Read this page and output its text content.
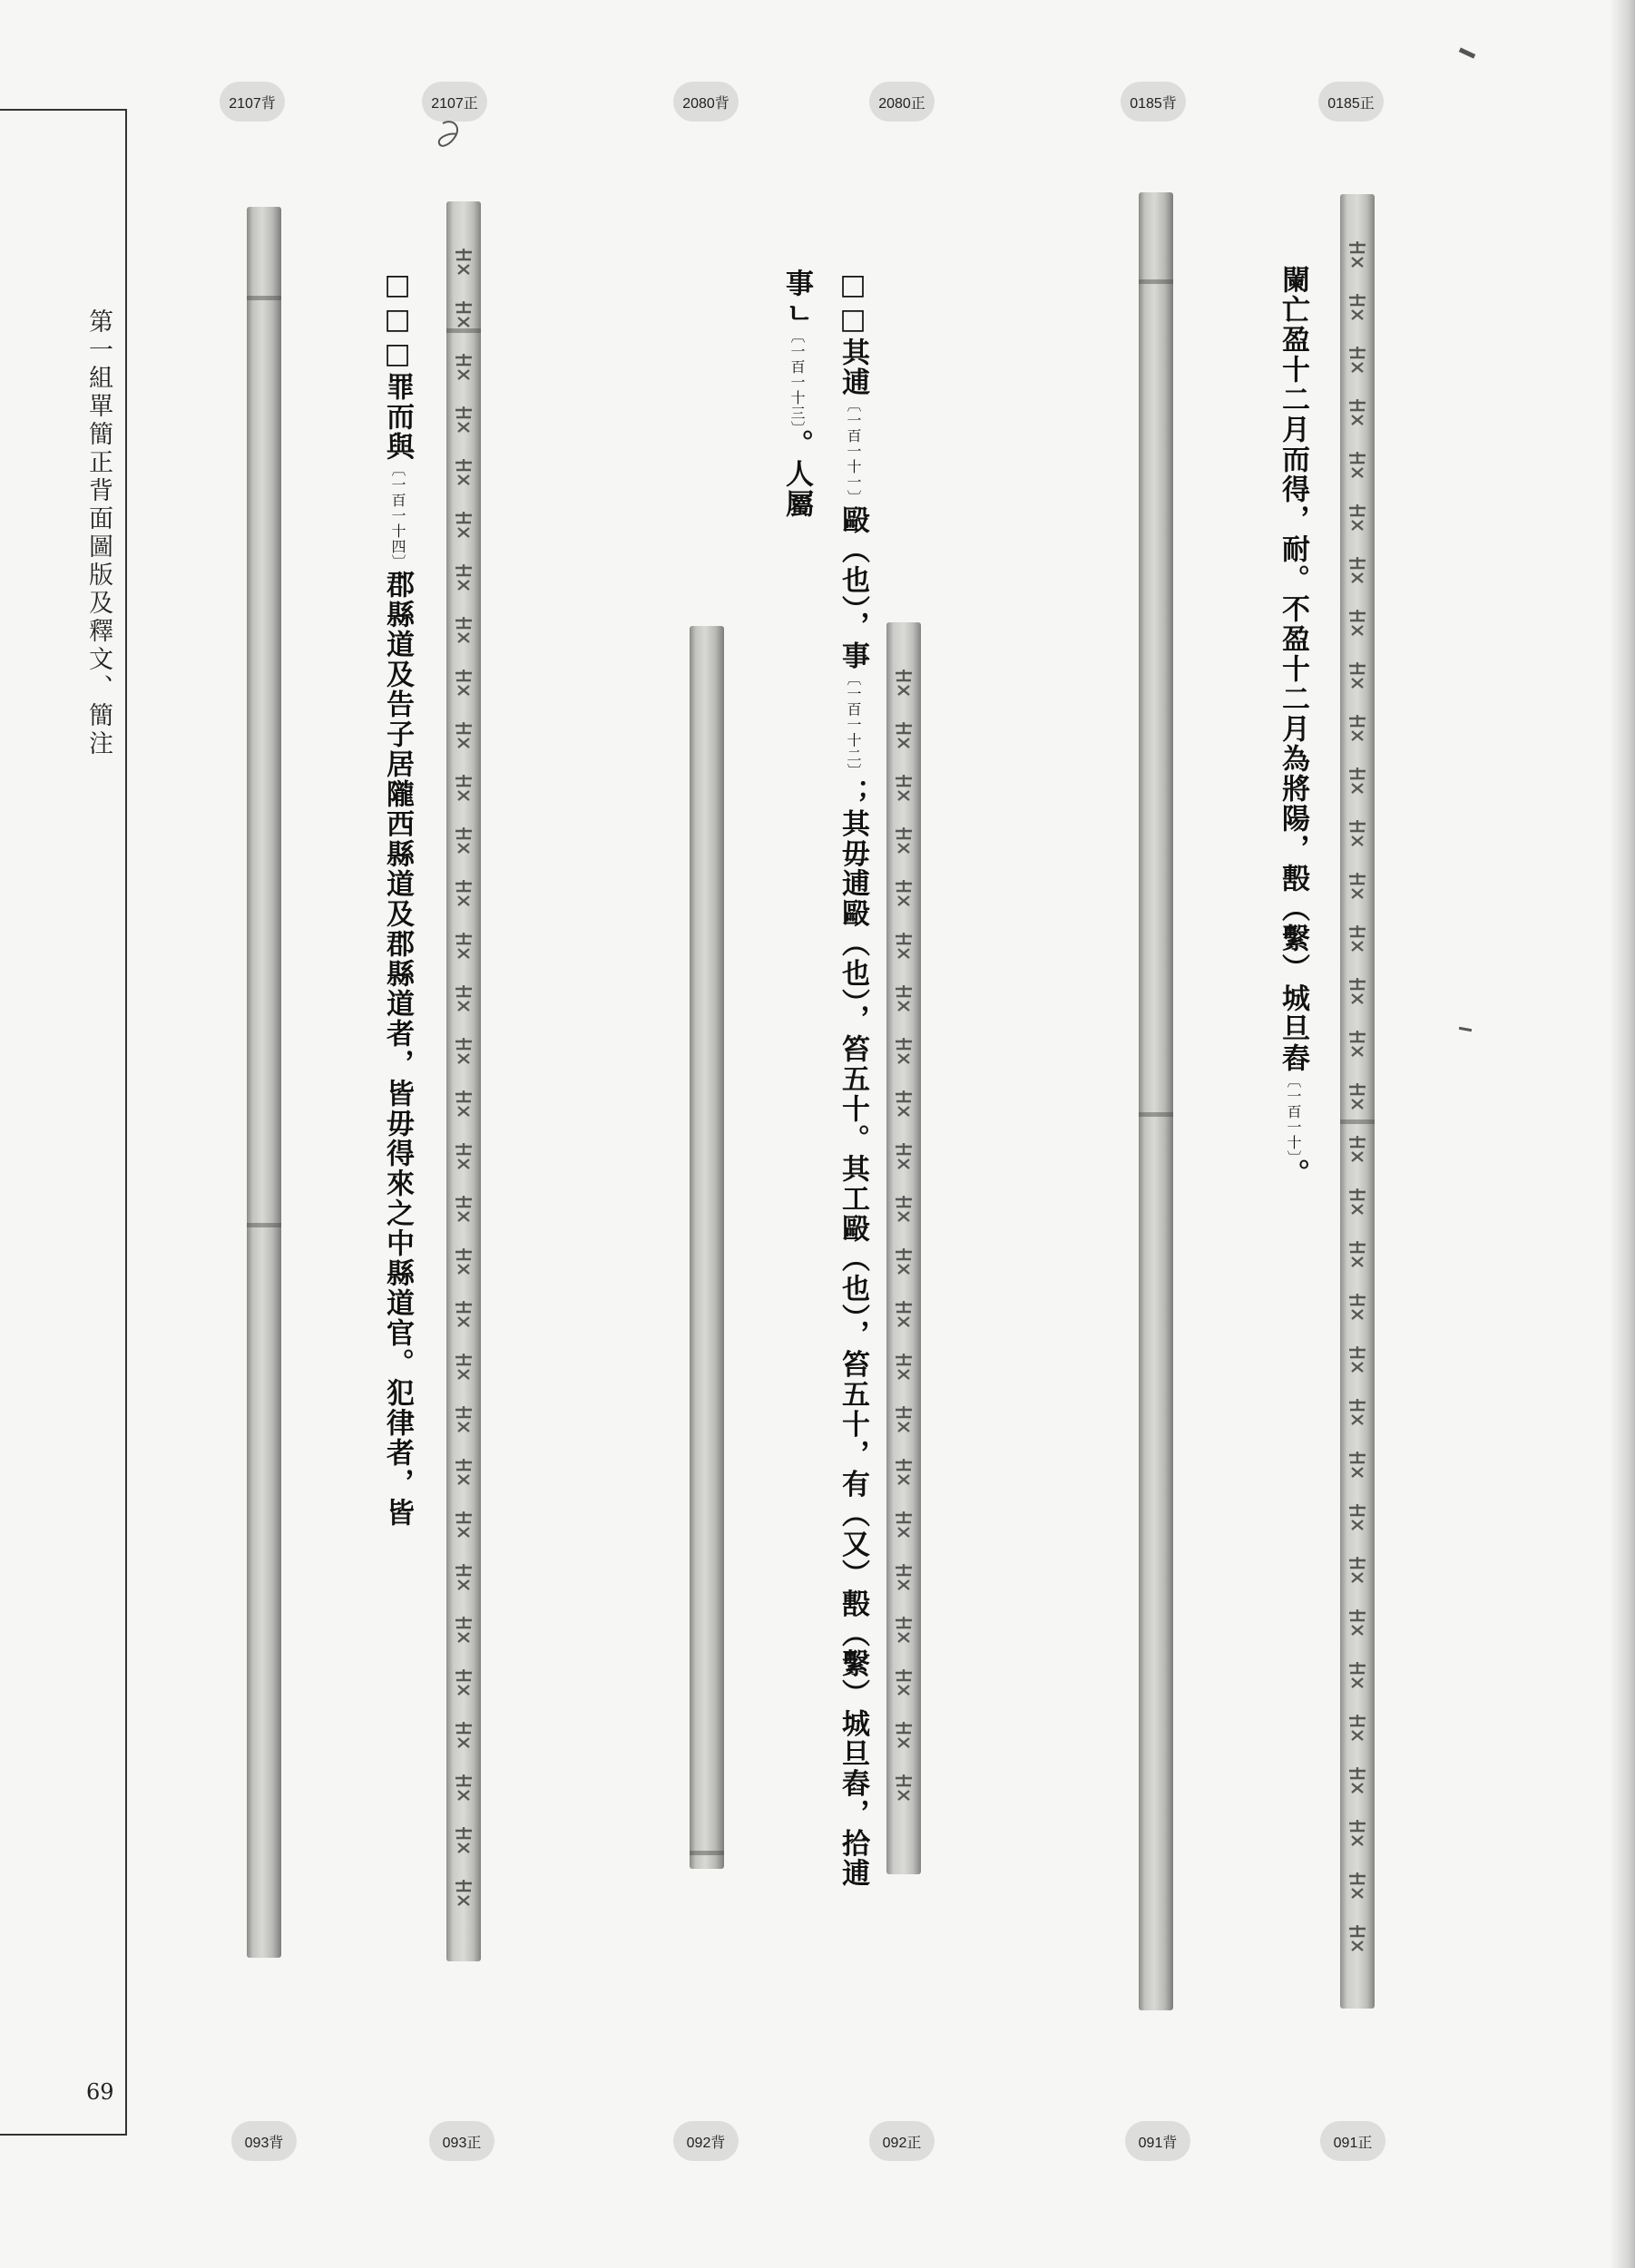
第一組單簡正背面圖版及釋文、簡注
69
2107背	2107正	2080背	2080正	0185背	0185正
闌亡盈十二月而得，耐。不盈十二月為將陽，毄（繫）城旦舂〔一百一十〕。
□□其逋〔一百一十一〕毆（也），事〔一百一十二〕；其毋逋毆（也），笞五十。其工毆（也），笞五十，有（又）毄（繫）城旦舂，拾逋
事ㄴ〔一百一十三〕。人屬
□□□罪而與〔一百一十四〕郡縣道及告子居隴西縣道及郡縣道者，皆毋得來之中縣道官。犯律者，皆
093背	093正	092背	092正	091背	091正
